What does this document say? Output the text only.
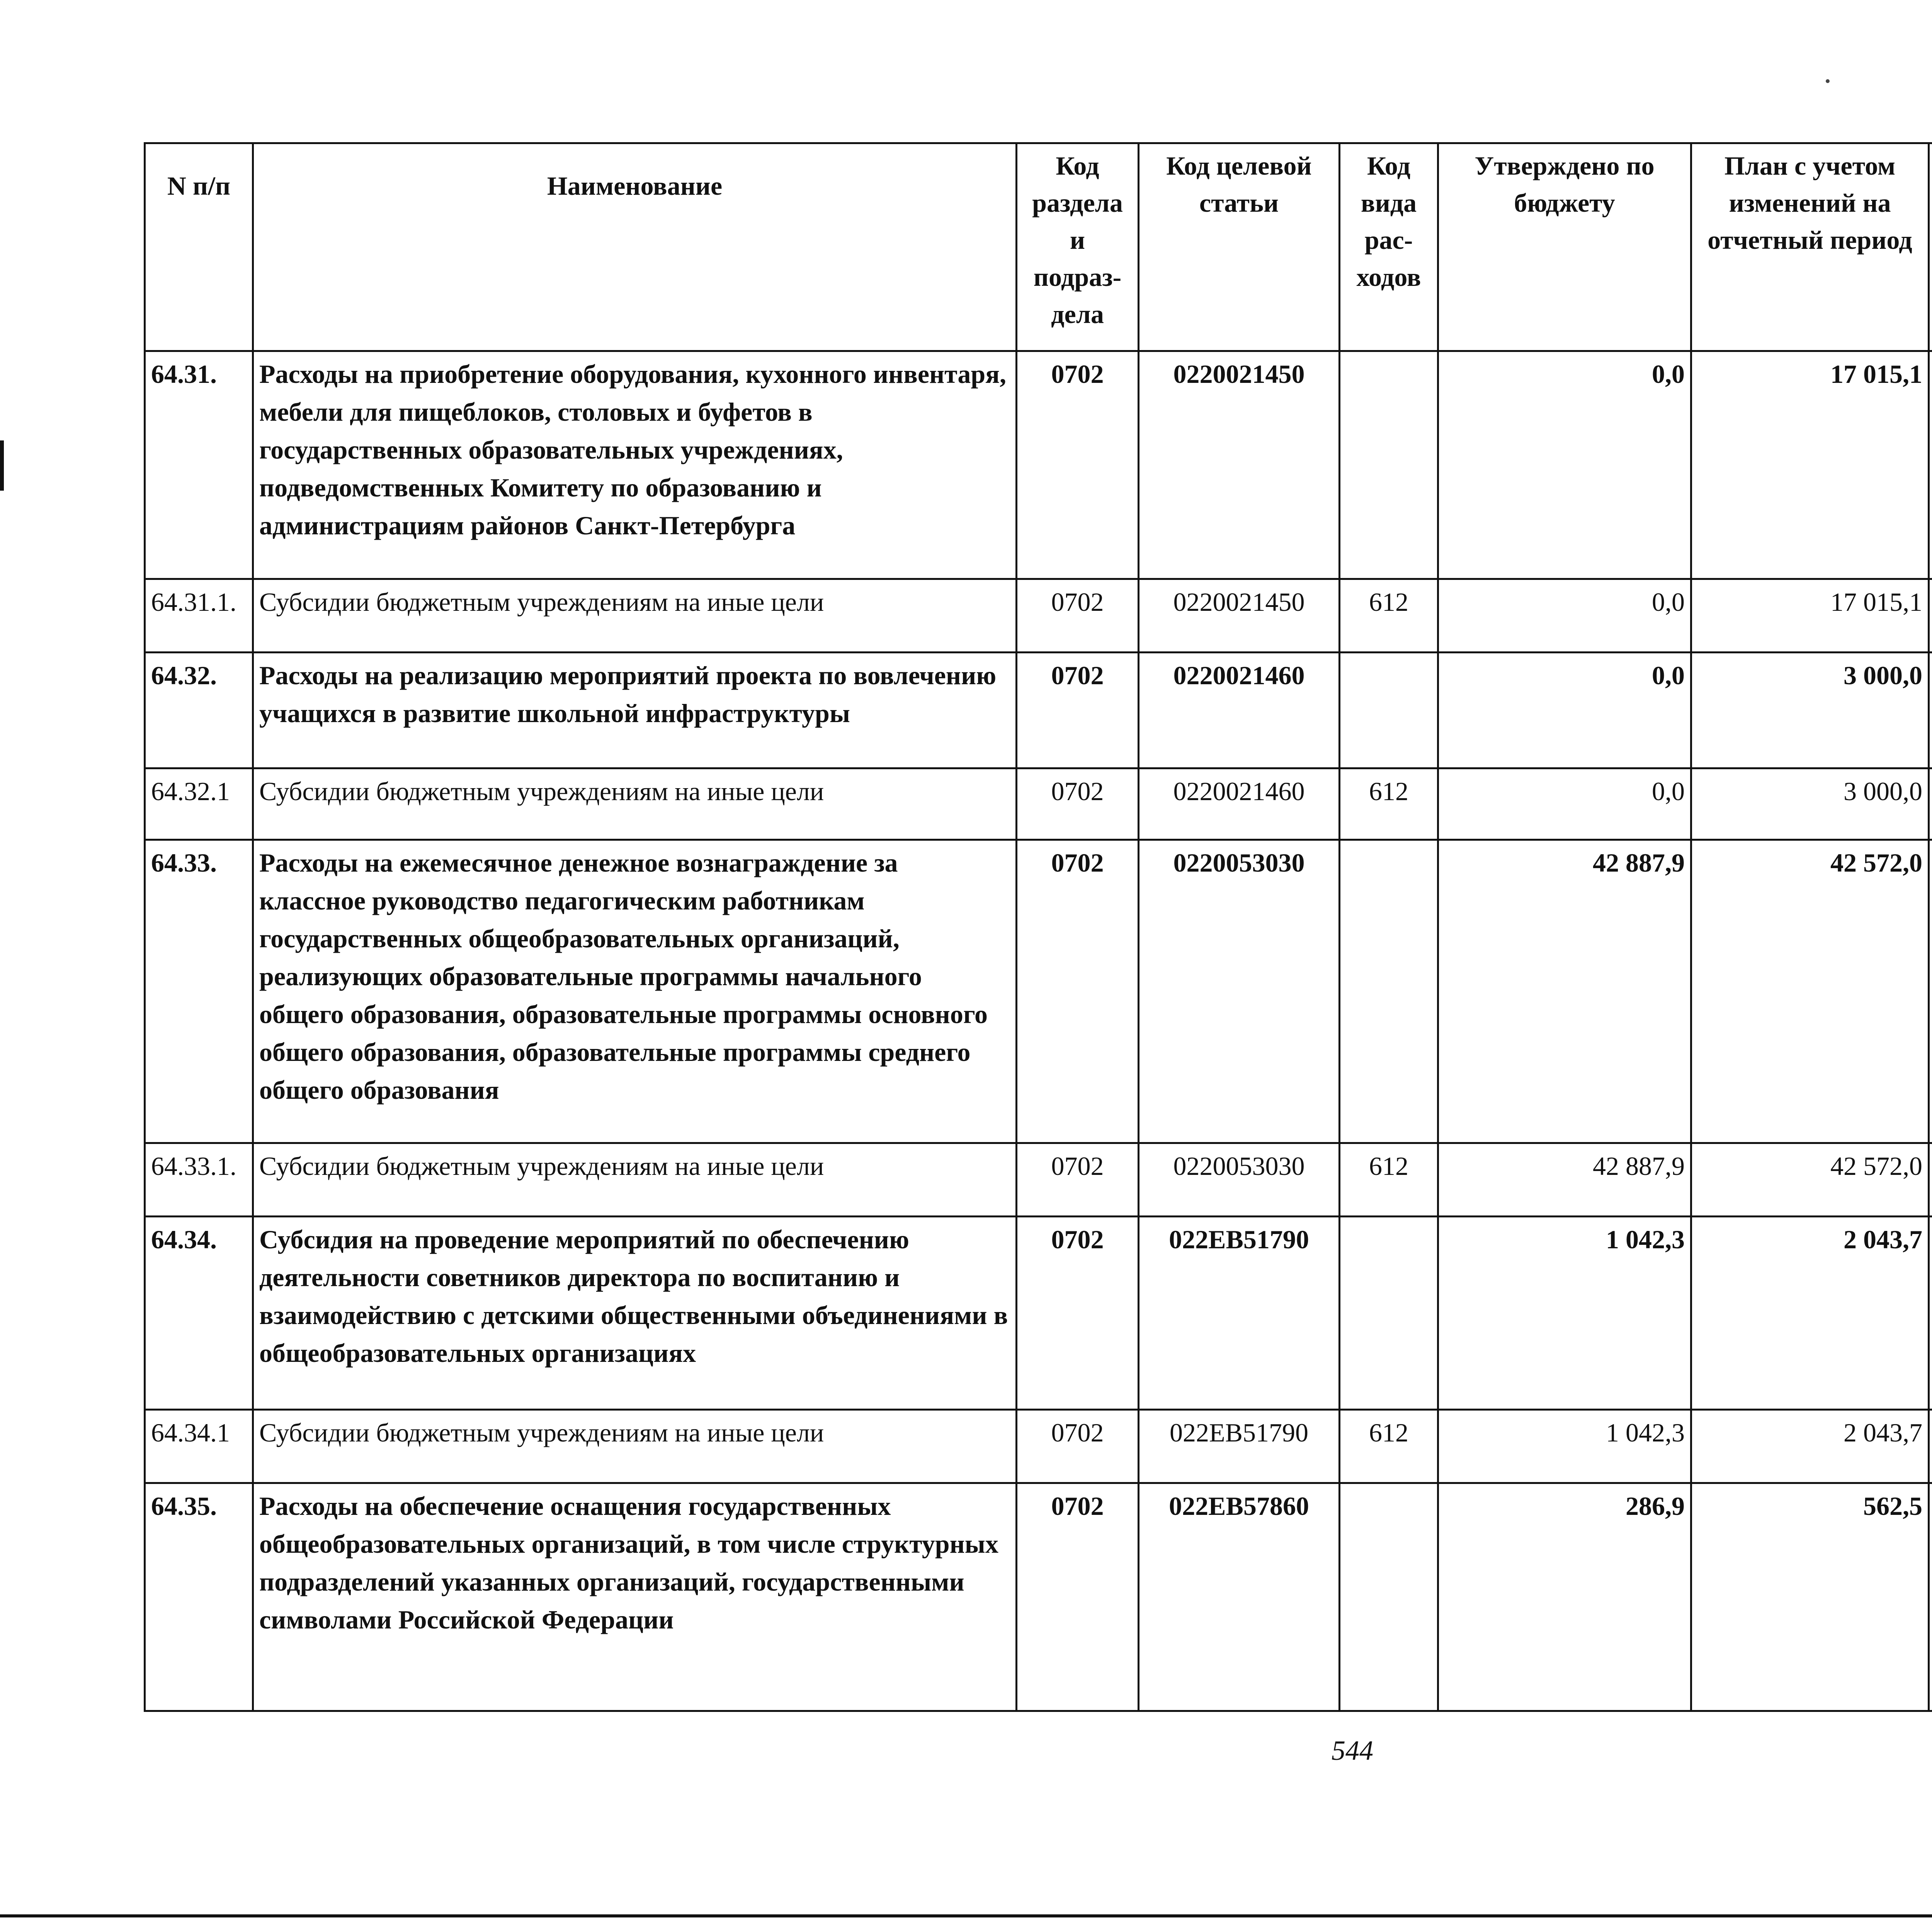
N п/п	Наименование	Код раздела и подраз- дела	Код целевой статьи	Код вида рас- ходов	Утверждено по бюджету	План с учетом изменений на отчетный период		

64.31.	Расходы на приобретение оборудования, кухонного инвентаря, мебели для пищеблоков, столовых и буфетов в государственных образовательных учреждениях, подведомственных Комитету по образованию и администрациям районов Санкт-Петербурга	0702	0220021450		0,0	17 015,1			
64.31.1.	Субсидии бюджетным учреждениям на иные цели	0702	0220021450	612	0,0	17 015,1			
64.32.	Расходы на реализацию мероприятий проекта по вовлечению учащихся в развитие школьной инфраструктуры	0702	0220021460		0,0	3 000,0			
64.32.1	Субсидии бюджетным учреждениям на иные цели	0702	0220021460	612	0,0	3 000,0			
64.33.	Расходы на ежемесячное денежное вознаграждение за классное руководство педагогическим работникам государственных общеобразовательных организаций, реализующих образовательные программы начального общего образования, образовательные программы основного общего образования, образовательные программы среднего общего образования	0702	0220053030		42 887,9	42 572,0			
64.33.1.	Субсидии бюджетным учреждениям на иные цели	0702	0220053030	612	42 887,9	42 572,0			
64.34.	Субсидия на проведение мероприятий по обеспечению деятельности советников директора по воспитанию и взаимодействию с детскими общественными объединениями в общеобразовательных организациях	0702	022EB51790		1 042,3	2 043,7			
64.34.1	Субсидии бюджетным учреждениям на иные цели	0702	022EB51790	612	1 042,3	2 043,7			
64.35.	Расходы на обеспечение оснащения государственных общеобразовательных организаций, в том числе структурных подразделений указанных организаций, государственными символами Российской Федерации	0702	022EB57860		286,9	562,5			
544
